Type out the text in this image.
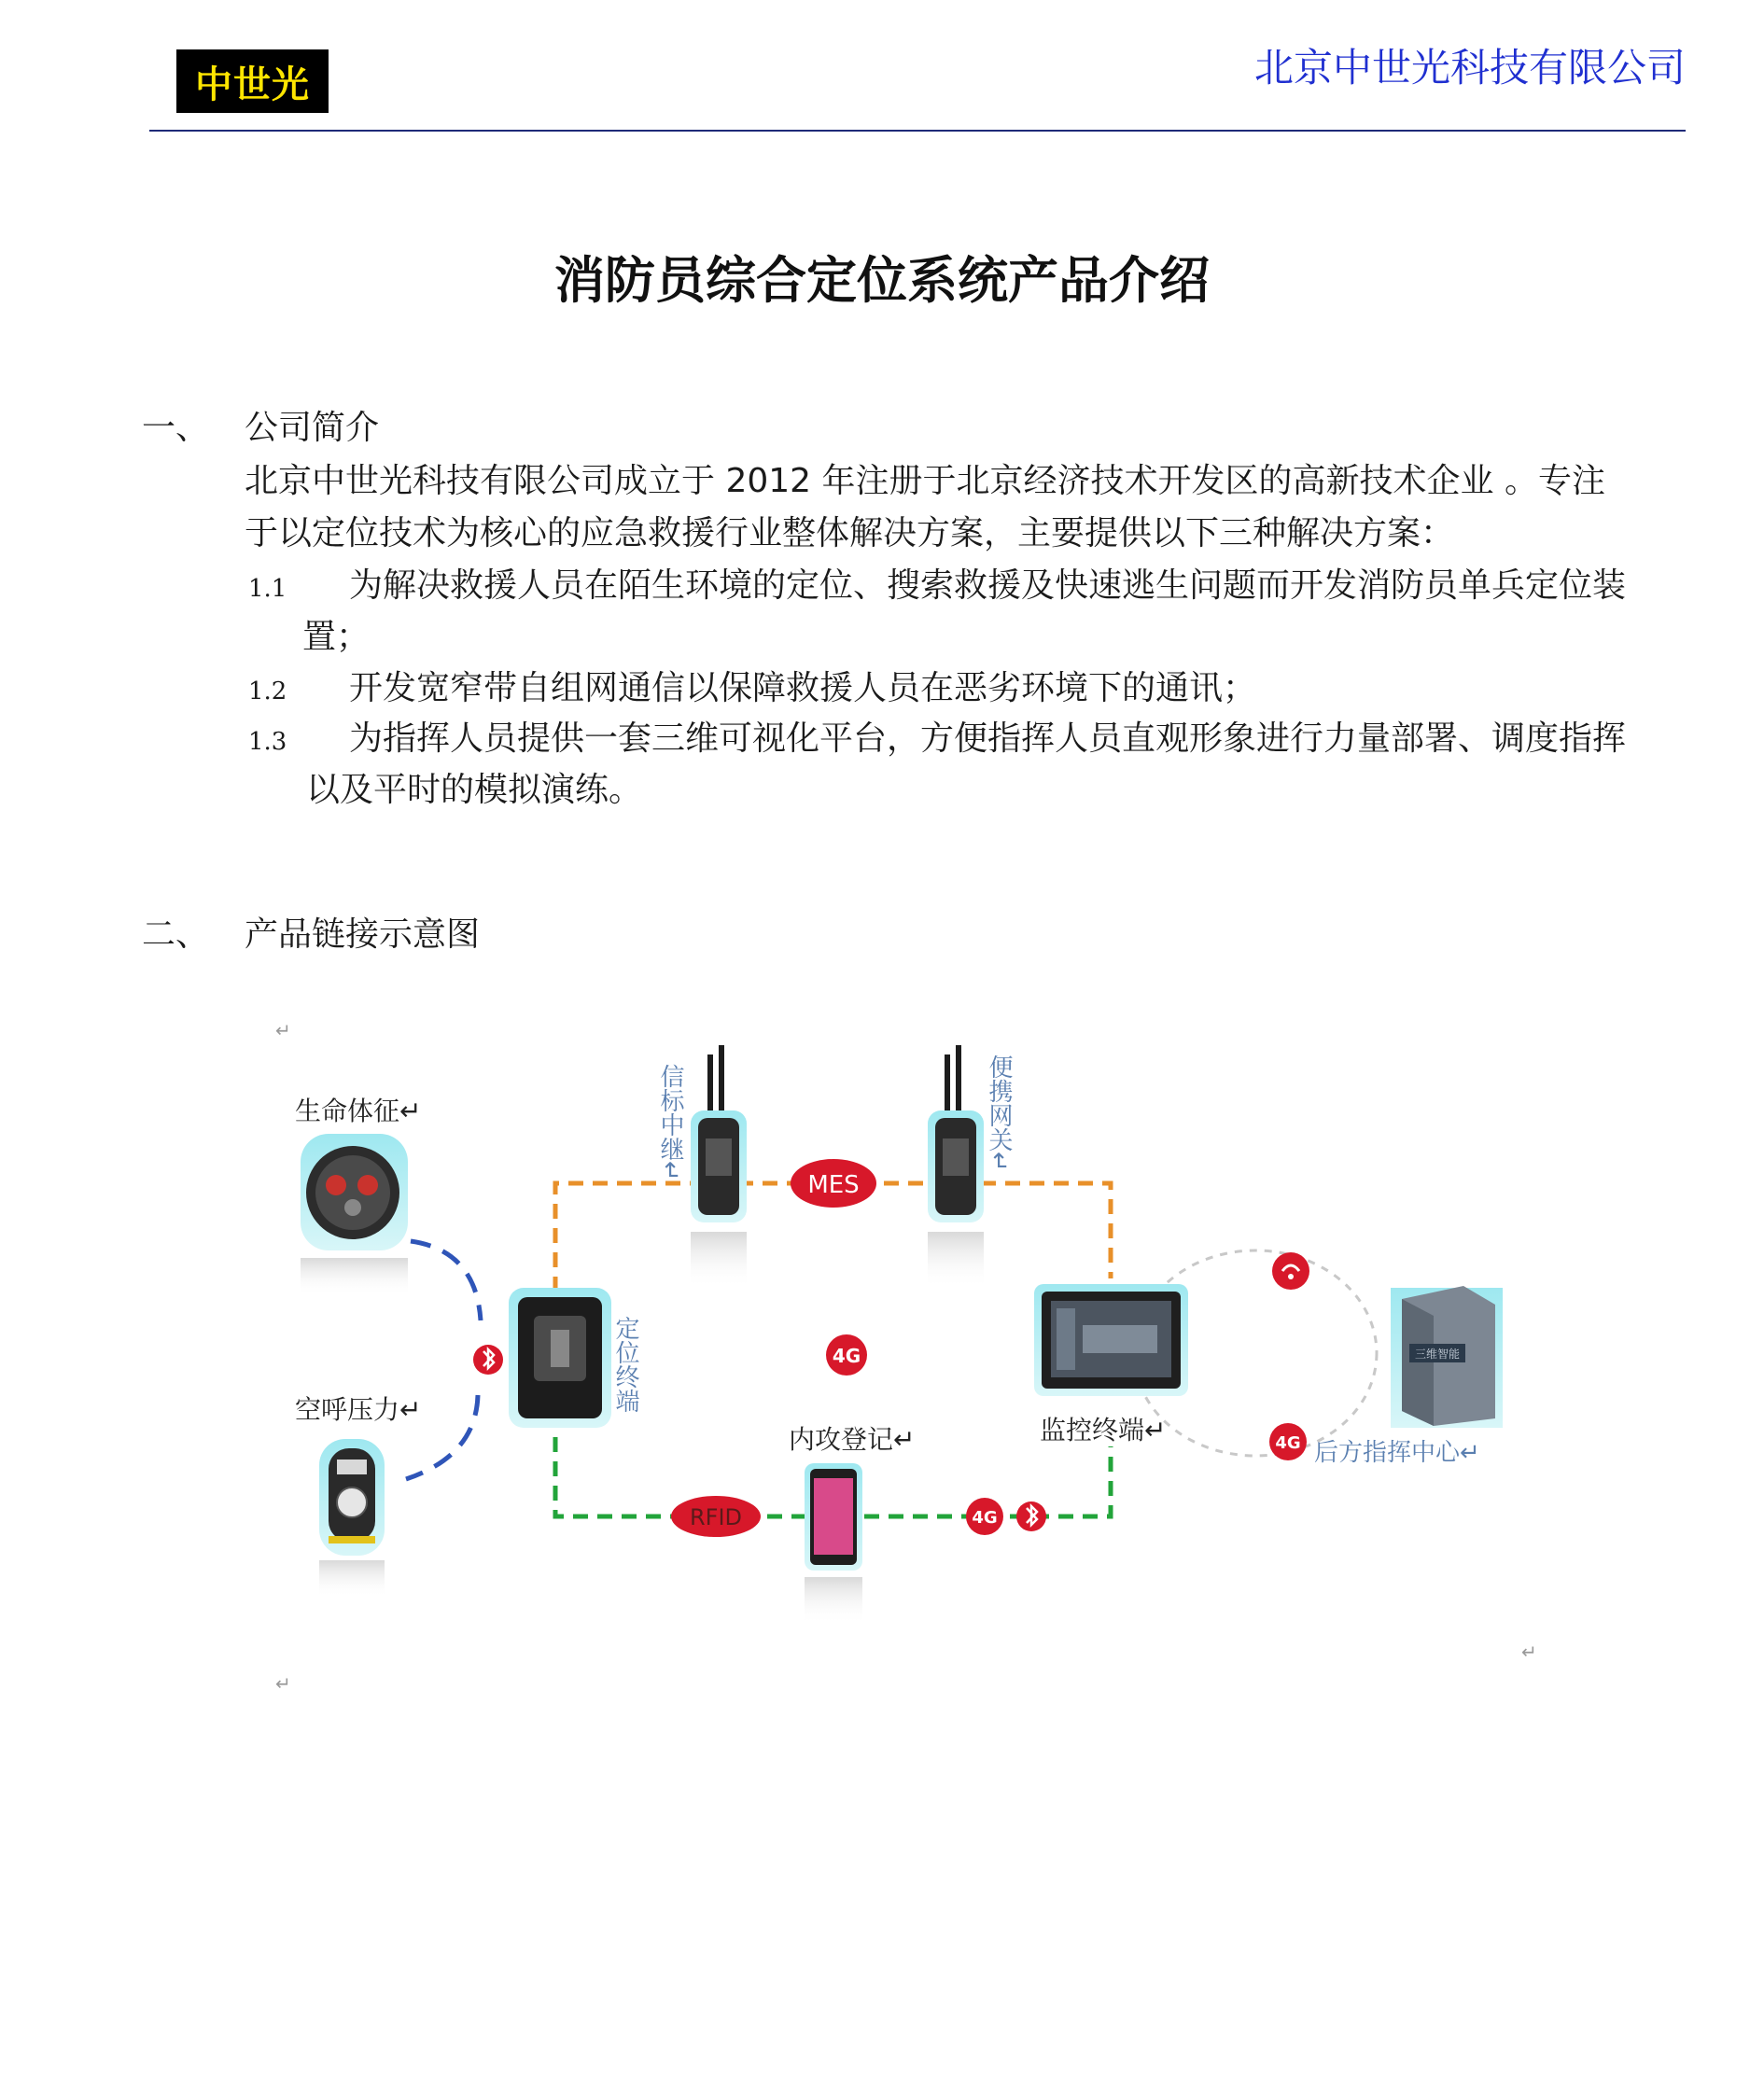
中世光	北京中世光科技有限公司
消防员综合定位系统产品介绍
一、 公司简介
北京中世光科技有限公司成立于 2012 年注册于北京经济技术开发区的高新技术企业 。专注
于以定位技术为核心的应急救援行业整体解决方案，主要提供以下三种解决方案：
1.1 为解决救援人员在陌生环境的定位、搜索救援及快速逃生问题而开发消防员单兵定位装
置；
1.2 开发宽窄带自组网通信以保障救援人员在恶劣环境下的通讯；
1.3 为指挥人员提供一套三维可视化平台，方便指挥人员直观形象进行力量部署、调度指挥
以及平时的模拟演练。
二、 产品链接示意图
生命体征↵
空呼压力↵	定位终端
信标中继↵	便携网关↵
MES
4G
4G
4G
RFID
内攻登记↵	监控终端↵
三维智能
后方指挥中心↵
↵
↵
↵
